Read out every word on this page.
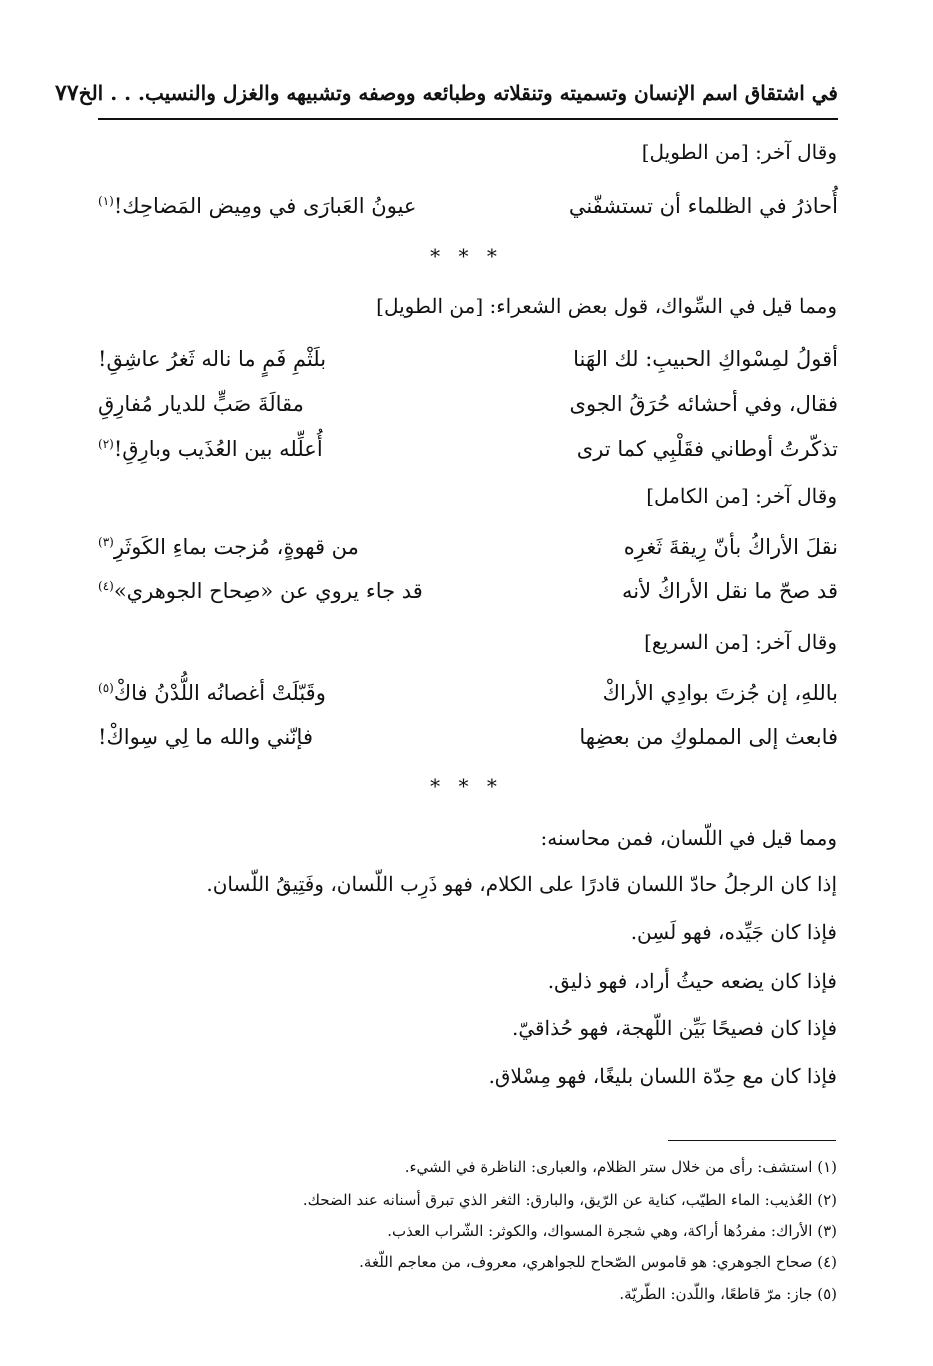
في اشتقاق اسم الإنسان وتسميته وتنقلاته وطبائعه ووصفه وتشبيهه والغزل والنسيب. . . الخ
٧٧
وقال آخر: [من الطويل]
أُحاذرُ في الظلماء أن تستشفّني
عيونُ العَبارَى في ومِيض المَضاحِك!$^{(١)}$
* * *
ومما قيل في السِّواك، قول بعض الشعراء: [من الطويل]
أقولُ لمِسْواكِ الحبيبِ: لك الهَنا
بلَثْمِ فَمٍ ما ناله ثَغرُ عاشِقِ!
فقال، وفي أحشائه حُرَقُ الجوى
مقالَةَ صَبٍّ للديار مُفارِقِ
تذكّرتُ أوطاني فقَلْبِي كما ترى
أُعلِّله بين العُذَيب وبارِقِ!$^{(٢)}$
وقال آخر: [من الكامل]
نقلَ الأراكُ بأنّ رِيقةَ ثَغرِه
من قهوةٍ، مُزجت بماءِ الكَوثَرِ$^{(٣)}$
قد صحّ ما نقل الأراكُ لأنه
قد جاء يروي عن «صِحاح الجوهري»$^{(٤)}$
وقال آخر: [من السريع]
باللهِ، إن جُزتَ بوادِي الأراكْ
وقَبّلَتْ أغصانُه اللُّدْنُ فاكْ$^{(٥)}$
فابعث إلى المملوكِ من بعضِها
فإنّني والله ما لِي سِواكْ!
* * *
ومما قيل في اللّسان، فمن محاسنه:
إذا كان الرجلُ حادّ اللسان قادرًا على الكلام، فهو ذَرِب اللّسان، وفَتِيقُ اللّسان.
فإذا كان جَيِّده، فهو لَسِن.
فإذا كان يضعه حيثُ أراد، فهو ذليق.
فإذا كان فصيحًا بَيِّن اللّهجة، فهو حُذاقيّ.
فإذا كان مع حِدّة اللسان بليغًا، فهو مِسْلاق.
(١) استشف: رأى من خلال ستر الظلام، والعبارى: الناظرة في الشيء.
(٢) العُذيب: الماء الطيّب، كناية عن الرّيق، والبارق: الثغر الذي تبرق أسنانه عند الضحك.
(٣) الأراك: مفردُها أراكة، وهي شجرة المسواك، والكوثر: الشّراب العذب.
(٤) صحاح الجوهري: هو قاموس الصّحاح للجواهري، معروف، من معاجم اللّغة.
(٥) جاز: مرّ قاطعًا، واللّدن: الطّريّة.
